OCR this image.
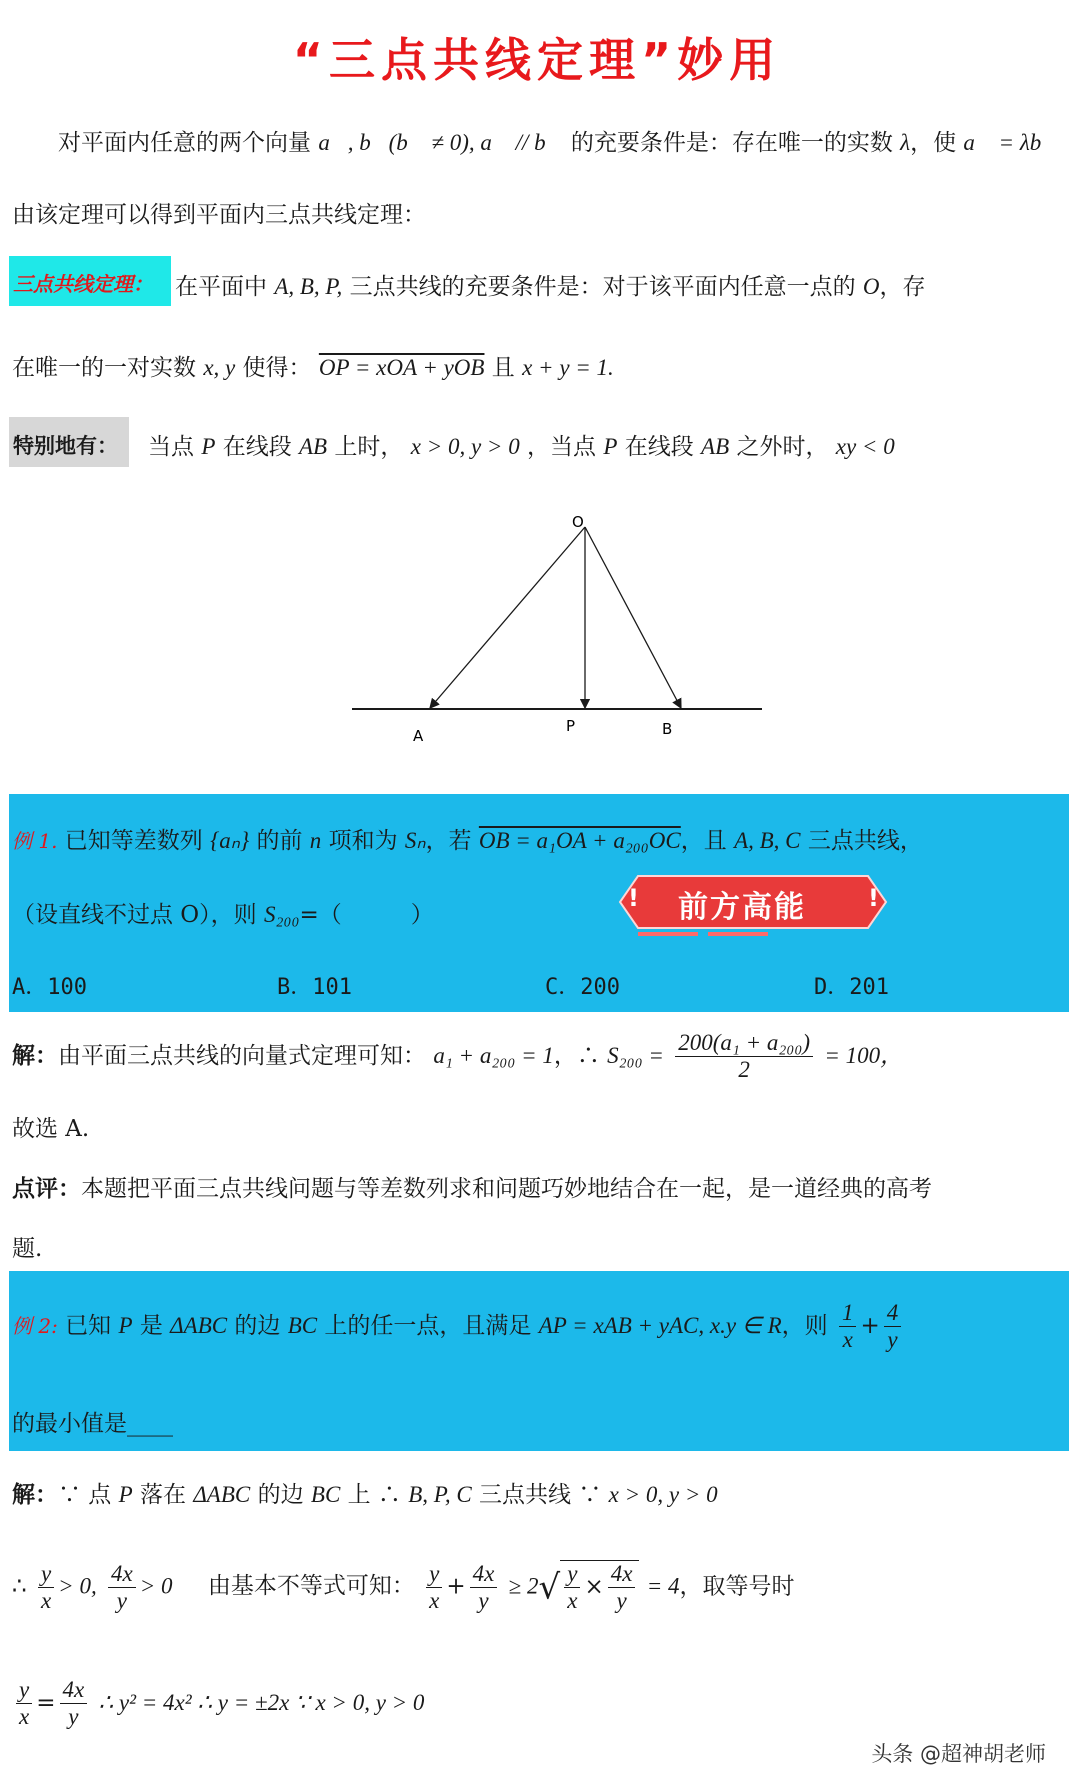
“三点共线定理”妙用
对平面内任意的两个向量 a⃗, b⃗(b⃗ ≠ 0), a⃗ // b⃗ 的充要条件是：存在唯一的实数 λ，使 a⃗ = λb⃗
由该定理可以得到平面内三点共线定理：
三点共线定理： 在平面中 A, B, P, 三点共线的充要条件是：对于该平面内任意一点的 O，存
在唯一的一对实数 x, y 使得： OP = xOA + yOB 且 x + y = 1.
特别地有： 当点 P 在线段 AB 上时， x > 0, y > 0 ，当点 P 在线段 AB 之外时， xy < 0
O
A
P	B
例 1. 已知等差数列 {aₙ} 的前 n 项和为 Sₙ，若 OB = a₁OA + a₂₀₀OC，且 A, B, C 三点共线，
（设直线不过点 O），则 S₂₀₀=（　　　）
!	!
前方高能
A．100	B．101	C．200	D．201
解：由平面三点共线的向量式定理可知： a₁ + a₂₀₀ = 1，∴ $S_{200} = \frac{\text{200(a₁ + a₂₀₀)}}{2} = 100$，
故选 A.
点评：本题把平面三点共线问题与等差数列求和问题巧妙地结合在一起，是一道经典的高考
题.
例 2: 已知 P 是 ΔABC 的边 BC 上的任一点，且满足 AP = xAB + yAC, x.y ∈ R，则 $\frac{1}{x} + \frac{4}{y}$
的最小值是____
解：∵ 点 P 落在 ΔABC 的边 BC 上 ∴ B, P, C 三点共线 ∵ x > 0, y > 0
∴ $\frac{y}{x} > 0$, $\frac{4x}{y} > 0$ 由基本不等式可知： $\frac{y}{x} + \frac{4x}{y} \ge 2√ \frac{y}{x} \times \frac{4x}{y} = 4$，取等号时
$\frac{y}{x} = \frac{4x}{y}$ ∴ y² = 4x² ∴ y = ±2x ∵ x > 0, y > 0
头条 @超神胡老师
